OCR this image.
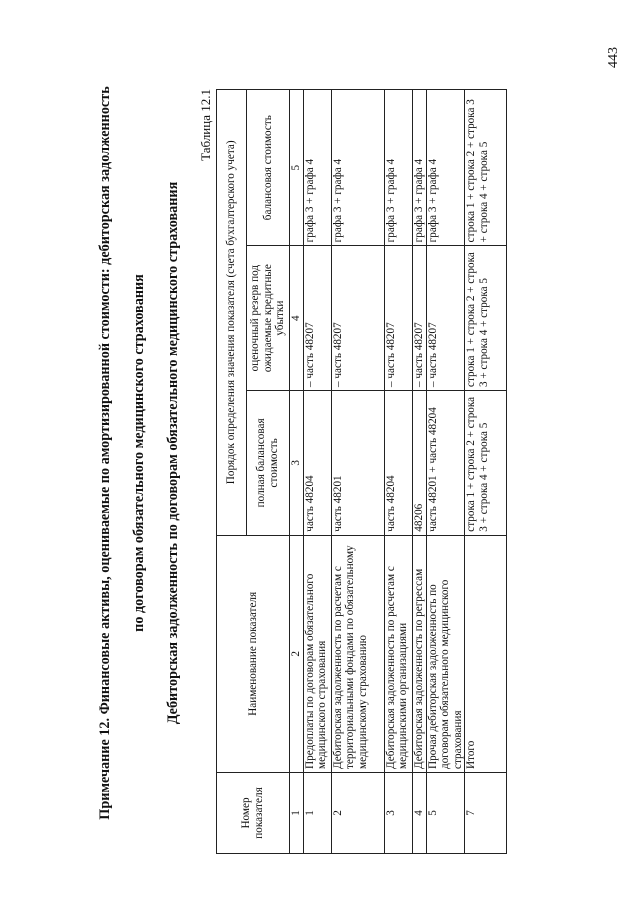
443
Примечание 12. Финансовые активы, оцениваемые по амортизированной стоимости: дебиторская задолженность по договорам обязательного медицинского страхования Дебиторская задолженность по договорам обязательного медицинского страхования
Таблица 12.1
Номер показателя	Наименование показателя	Порядок определения значения показателя (счета бухгалтерского учета)		
		полная балансовая стоимость	оценочный резерв под ожидаемые кредитные убытки	балансовая стоимость
1	2	3	4	5
1	Предоплаты по договорам обязательного медицинского страхования	часть 48204	– часть 48207	графа 3 + графа 4
2	Дебиторская задолженность по расчетам с территориальными фондами по обязательному медицинскому страхованию	часть 48201	– часть 48207	графа 3 + графа 4
3	Дебиторская задолженность по расчетам с медицинскими организациями	часть 48204	– часть 48207	графа 3 + графа 4
4	Дебиторская задолженность по регрессам	48206	– часть 48207	графа 3 + графа 4
5	Прочая дебиторская задолженность по договорам обязательного медицинского страхования	часть 48201 + часть 48204	– часть 48207	графа 3 + графа 4
7	Итого	строка 1 + строка 2 + строка 3 + строка 4 + строка 5	строка 1 + строка 2 + строка 3 + строка 4 + строка 5	строка 1 + строка 2 + строка 3 + строка 4 + строка 5
